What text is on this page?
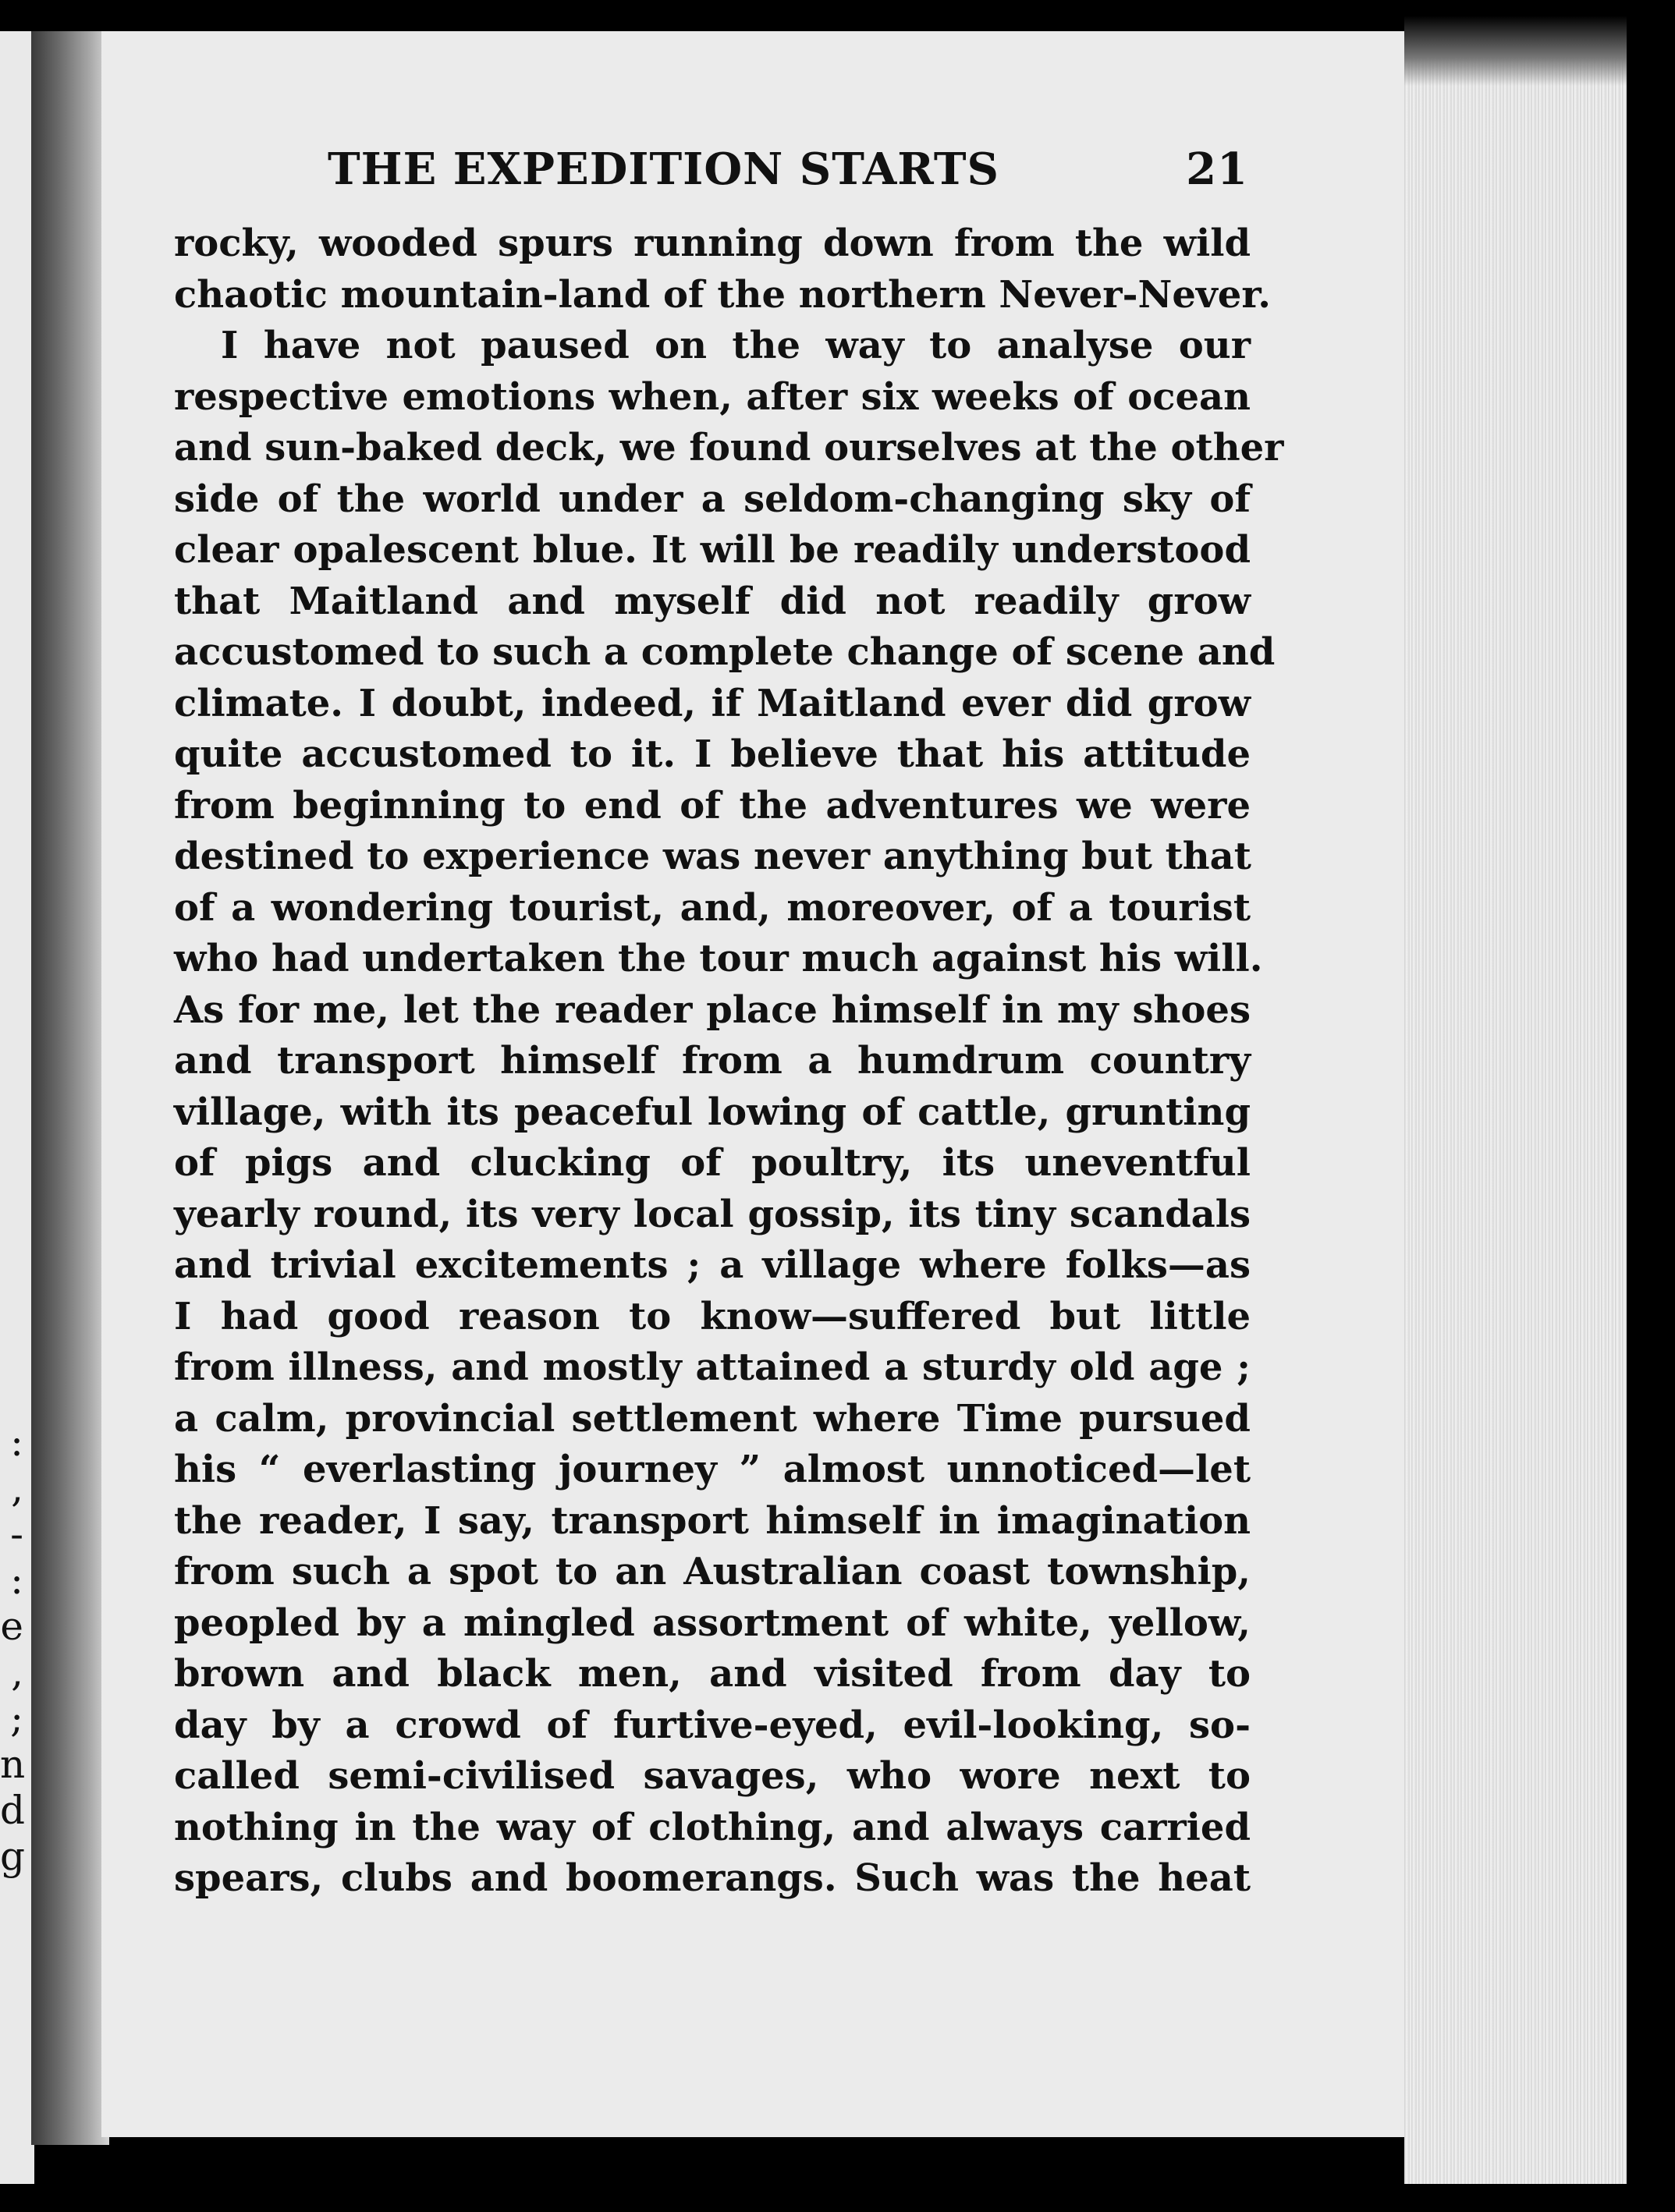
:
,
-
:
e
,
;
n
d
g
THE EXPEDITION STARTS	21
rocky, wooded spurs running down from the wild
chaotic mountain-land of the northern Never-Never.
I have not paused on the way to analyse our
respective emotions when, after six weeks of ocean
and sun-baked deck, we found ourselves at the other
side of the world under a seldom-changing sky of
clear opalescent blue. It will be readily understood
that Maitland and myself did not readily grow
accustomed to such a complete change of scene and
climate. I doubt, indeed, if Maitland ever did grow
quite accustomed to it. I believe that his attitude
from beginning to end of the adventures we were
destined to experience was never anything but that
of a wondering tourist, and, moreover, of a tourist
who had undertaken the tour much against his will.
As for me, let the reader place himself in my shoes
and transport himself from a humdrum country
village, with its peaceful lowing of cattle, grunting
of pigs and clucking of poultry, its uneventful
yearly round, its very local gossip, its tiny scandals
and trivial excitements ; a village where folks—as
I had good reason to know—suffered but little
from illness, and mostly attained a sturdy old age ;
a calm, provincial settlement where Time pursued
his “ everlasting journey ” almost unnoticed—let
the reader, I say, transport himself in imagination
from such a spot to an Australian coast township,
peopled by a mingled assortment of white, yellow,
brown and black men, and visited from day to
day by a crowd of furtive-eyed, evil-looking, so-
called semi-civilised savages, who wore next to
nothing in the way of clothing, and always carried
spears, clubs and boomerangs. Such was the heat
